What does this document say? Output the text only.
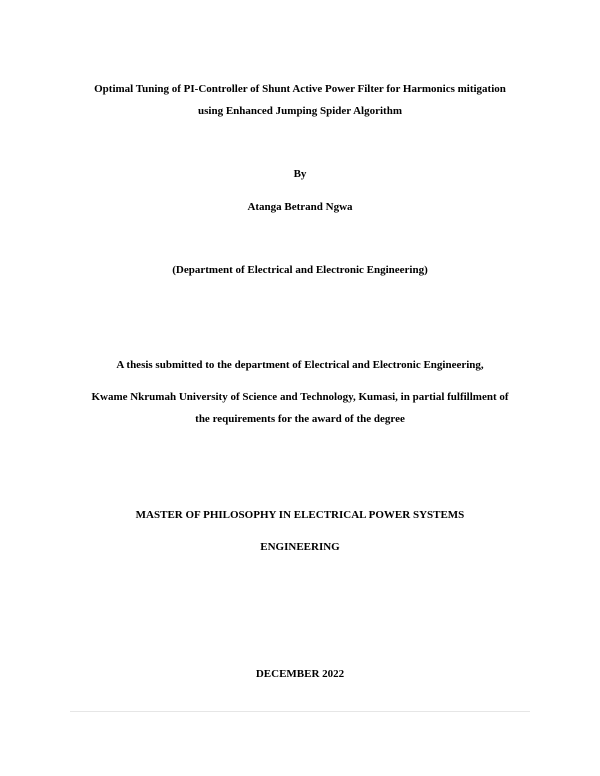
Optimal Tuning of PI-Controller of Shunt Active Power Filter for Harmonics mitigation
using Enhanced Jumping Spider Algorithm
By
Atanga Betrand Ngwa
(Department of Electrical and Electronic Engineering)
A thesis submitted to the department of Electrical and Electronic Engineering,
Kwame Nkrumah University of Science and Technology, Kumasi, in partial fulfillment of
the requirements for the award of the degree
MASTER OF PHILOSOPHY IN ELECTRICAL POWER SYSTEMS
ENGINEERING
DECEMBER 2022
